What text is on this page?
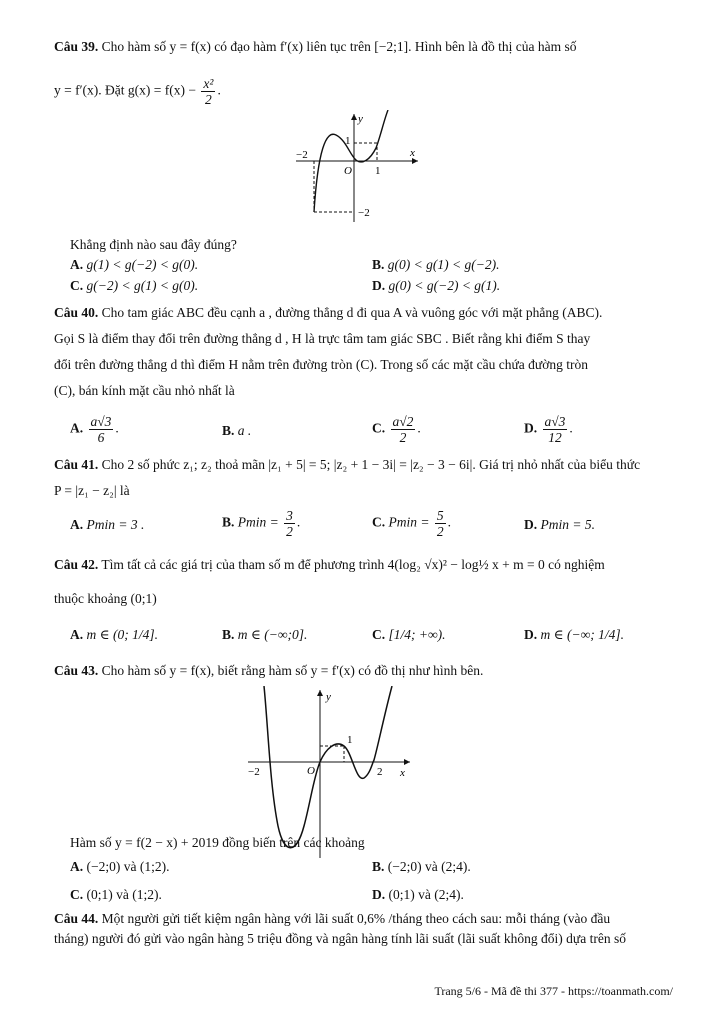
Câu 39. Cho hàm số y = f(x) có đạo hàm f′(x) liên tục trên [−2;1]. Hình bên là đồ thị của hàm số
y = f′(x). Đặt $g(x) = f(x) - \frac{\text{x²}}{2}$ .
−2
y
x
O
1
1
−2
Khẳng định nào sau đây đúng?
A. g(1) < g(−2) < g(0).	B. g(0) < g(1) < g(−2).
C. g(−2) < g(1) < g(0).	D. g(0) < g(−2) < g(1).
Câu 40. Cho tam giác ABC đều cạnh a , đường thẳng d đi qua A và vuông góc với mặt phẳng (ABC).
Gọi S là điểm thay đổi trên đường thẳng d , H là trực tâm tam giác SBC . Biết rằng khi điểm S thay
đổi trên đường thẳng d thì điểm H nằm trên đường tròn (C). Trong số các mặt cầu chứa đường tròn
(C), bán kính mặt cầu nhỏ nhất là
A. $\frac{a√3}{6}$ .	B. a .	C. $\frac{a√2}{2}$ .	D. $\frac{a√3}{12}$ .
Câu 41. Cho 2 số phức z₁; z₂ thoả mãn |z₁ + 5| = 5; |z₂ + 1 − 3i| = |z₂ − 3 − 6i|. Giá trị nhỏ nhất của biểu thức
P = |z₁ − z₂| là
A. Pmin = 3 .	B. $Pmin = \frac{3}{2}$ .	C. $Pmin = \frac{5}{2}$ .	D. Pmin = 5.
Câu 42. Tìm tất cả các giá trị của tham số m để phương trình 4(log₂ √x)² − log½ x + m = 0 có nghiệm
thuộc khoảng (0;1)
A. m ∈ (0; 1/4].	B. m ∈ (−∞;0].	C. [1/4; +∞).	D. m ∈ (−∞; 1/4].
Câu 43. Cho hàm số y = f(x), biết rằng hàm số y = f′(x) có đồ thị như hình bên.
O
y
x
−2
1
2
Hàm số y = f(2 − x) + 2019 đồng biến trên các khoảng
A. (−2;0) và (1;2).	B. (−2;0) và (2;4).
C. (0;1) và (1;2).	D. (0;1) và (2;4).
Câu 44. Một người gửi tiết kiệm ngân hàng với lãi suất 0,6% /tháng theo cách sau: mỗi tháng (vào đầu
tháng) người đó gửi vào ngân hàng 5 triệu đồng và ngân hàng tính lãi suất (lãi suất không đổi) dựa trên số
Trang 5/6 - Mã đề thi 377 - https://toanmath.com/
